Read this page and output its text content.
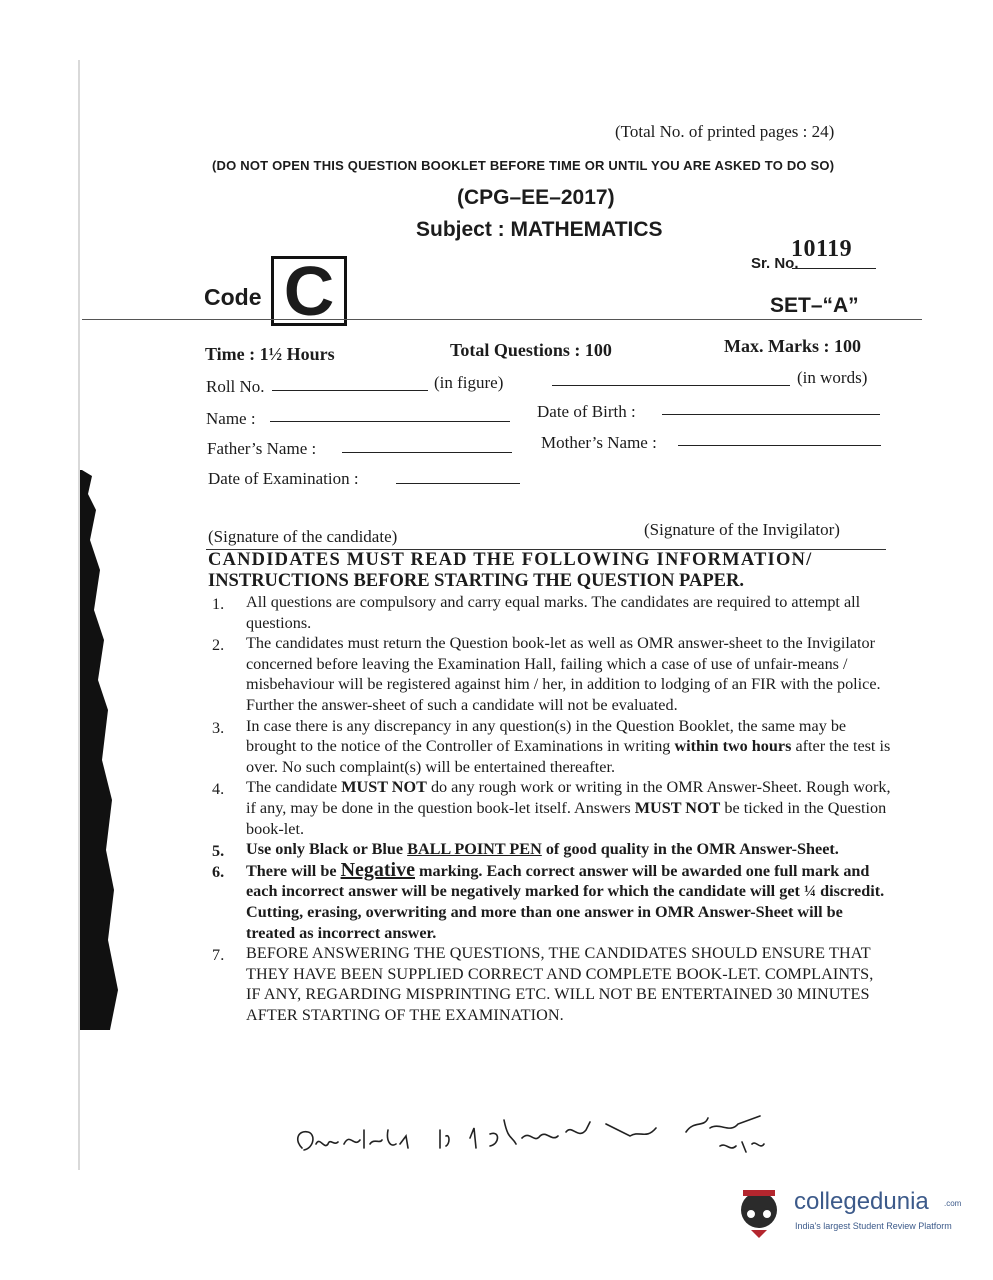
(Total No. of printed pages : 24)
(DO NOT OPEN THIS QUESTION BOOKLET BEFORE TIME OR UNTIL YOU ARE ASKED TO DO SO)
(CPG–EE–2017)
Subject : MATHEMATICS
Sr. No.
10119
Code C	SET–“A”
Time : 1½ Hours	Total Questions : 100	Max. Marks : 100
Roll No.	(in figure)	(in words)
Name :	Date of Birth :
Father’s Name :	Mother’s Name :
Date of Examination :
(Signature of the candidate)	(Signature of the Invigilator)
CANDIDATES MUST READ THE FOLLOWING INFORMATION/
INSTRUCTIONS BEFORE STARTING THE QUESTION PAPER.
1. All questions are compulsory and carry equal marks. The candidates are required to attempt all questions.
2. The candidates must return the Question book-let as well as OMR answer-sheet to the Invigilator concerned before leaving the Examination Hall, failing which a case of use of unfair-means / misbehaviour will be registered against him / her, in addition to lodging of an FIR with the police. Further the answer-sheet of such a candidate will not be evaluated.
3. In case there is any discrepancy in any question(s) in the Question Booklet, the same may be brought to the notice of the Controller of Examinations in writing within two hours after the test is over. No such complaint(s) will be entertained thereafter.
4. The candidate MUST NOT do any rough work or writing in the OMR Answer-Sheet. Rough work, if any, may be done in the question book-let itself. Answers MUST NOT be ticked in the Question book-let.
5. Use only Black or Blue BALL POINT PEN of good quality in the OMR Answer-Sheet.
6. There will be Negative marking. Each correct answer will be awarded one full mark and each incorrect answer will be negatively marked for which the candidate will get ¼ discredit. Cutting, erasing, overwriting and more than one answer in OMR Answer-Sheet will be treated as incorrect answer.
7. BEFORE ANSWERING THE QUESTIONS, THE CANDIDATES SHOULD ENSURE THAT THEY HAVE BEEN SUPPLIED CORRECT AND COMPLETE BOOK-LET. COMPLAINTS, IF ANY, REGARDING MISPRINTING ETC. WILL NOT BE ENTERTAINED 30 MINUTES AFTER STARTING OF THE EXAMINATION.
collegedunia .com
India's largest Student Review Platform
